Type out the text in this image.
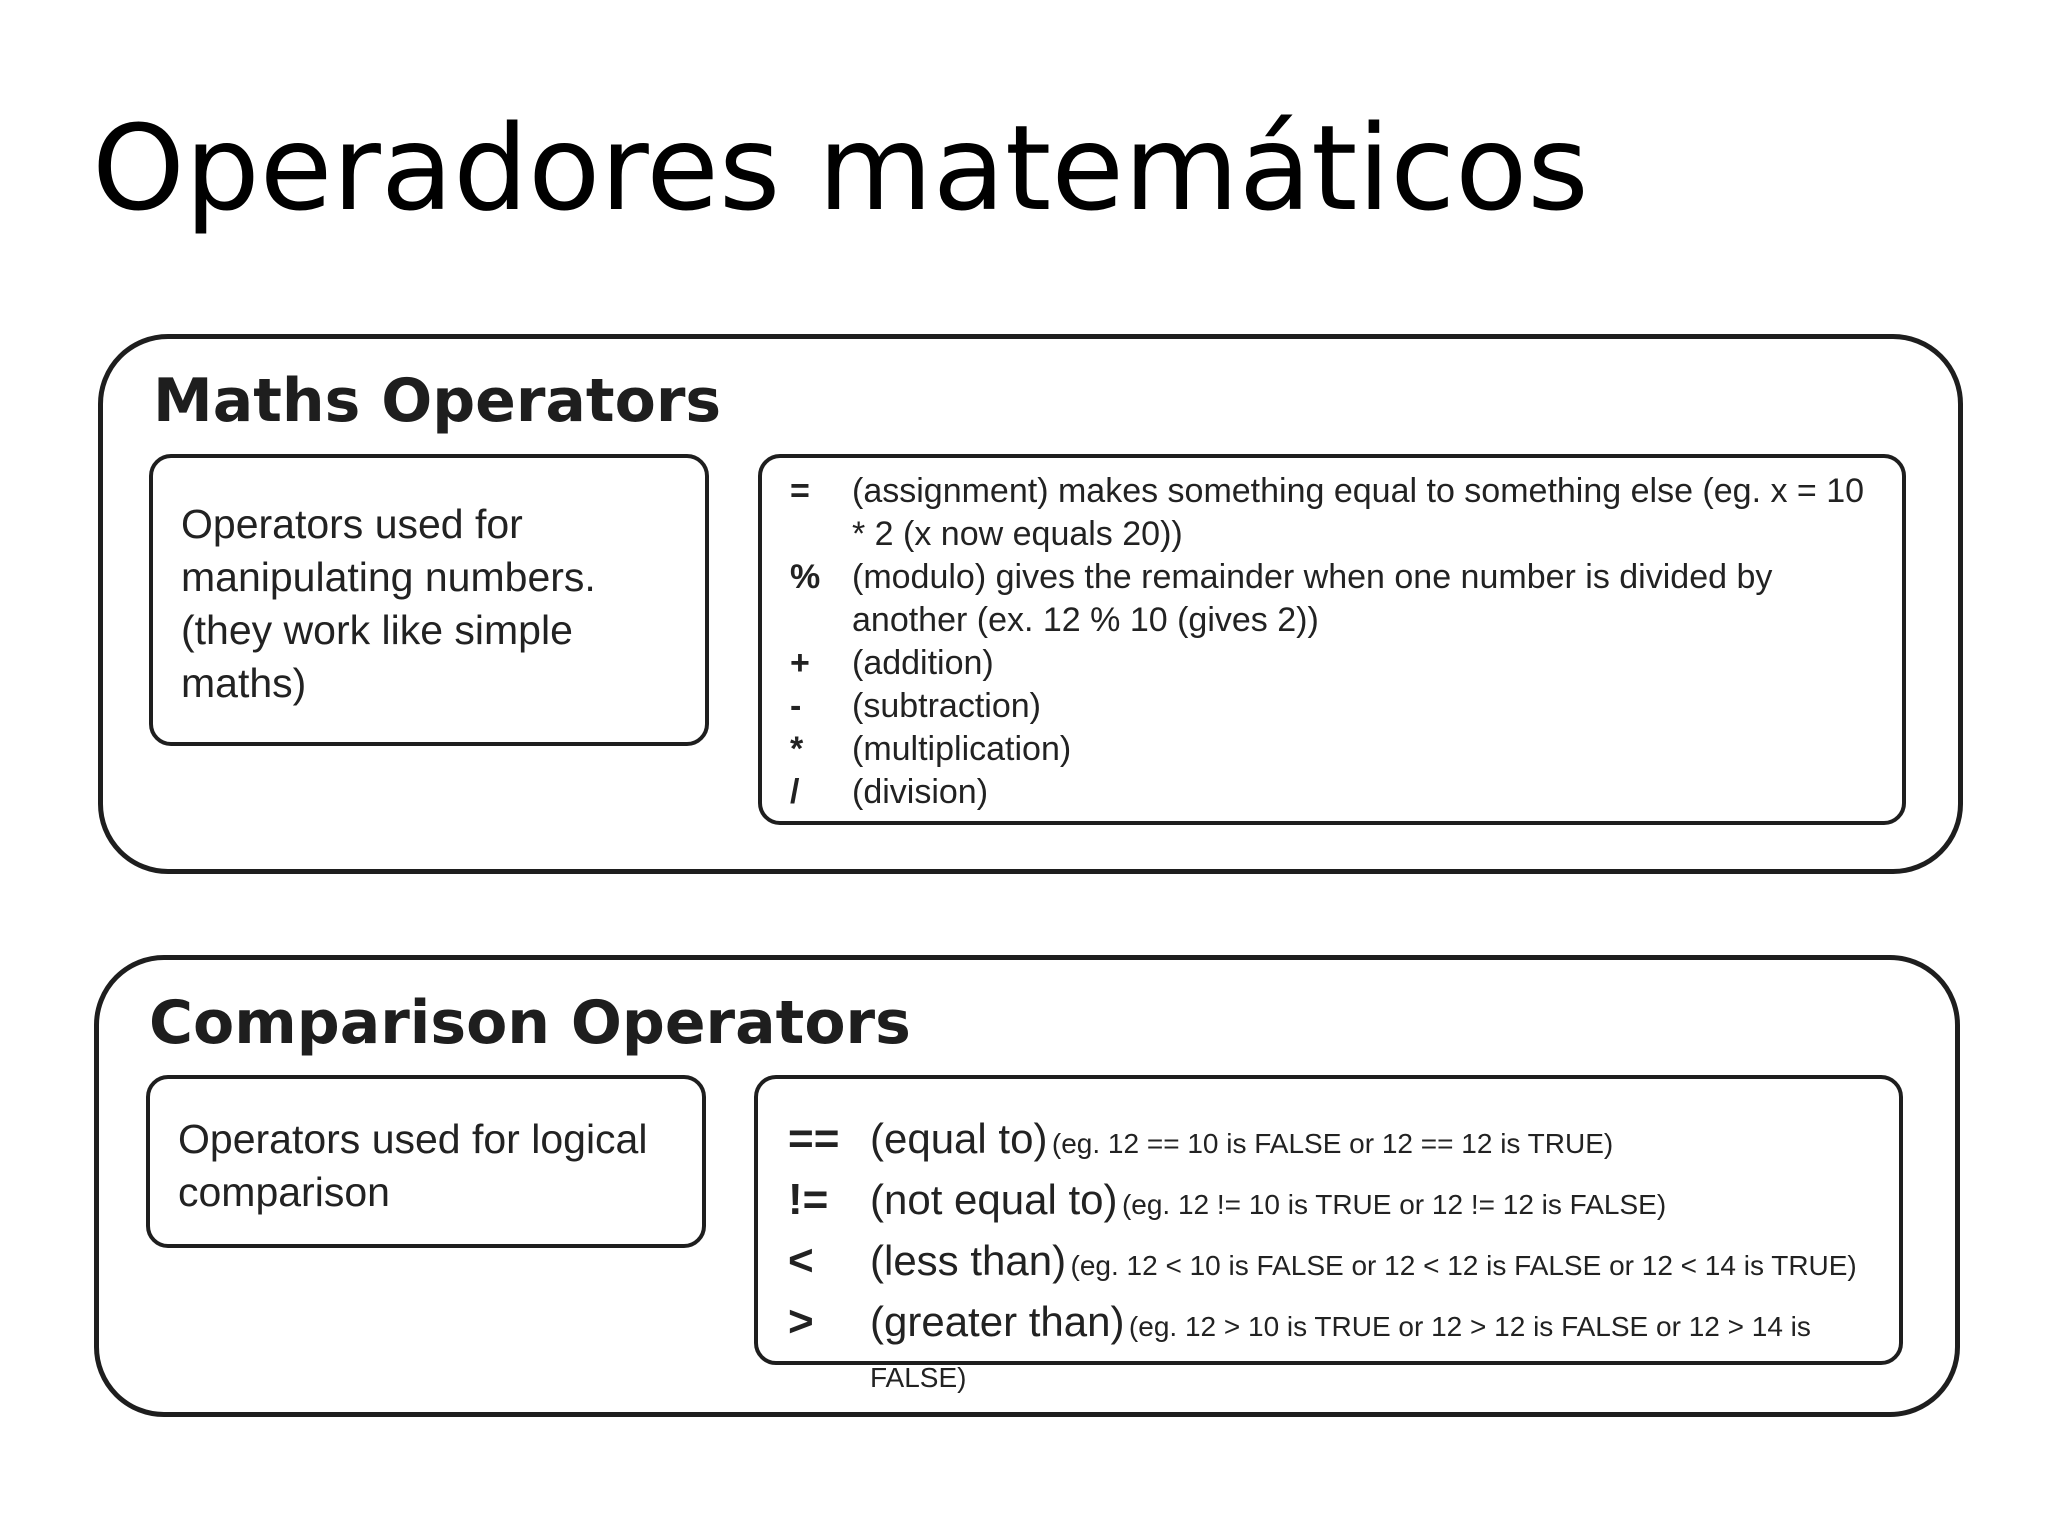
Operadores matemáticos
Maths Operators
Operators used for manipulating numbers. (they work like simple maths)
=	(assignment) makes something equal to something else (eg. x = 10 * 2 (x now equals 20))
% (modulo) gives the remainder when one number is divided by another (ex. 12 % 10 (gives 2))
+	(addition)
-	(subtraction)
*	(multiplication)
/	(division)
Comparison Operators
Operators used for logical comparison
== (equal to) (eg. 12 == 10 is FALSE or 12 == 12 is TRUE)
!= (not equal to) (eg. 12 != 10 is TRUE or 12 != 12 is FALSE)
<	(less than) (eg. 12 < 10 is FALSE or 12 < 12 is FALSE or 12 < 14 is TRUE)
>	(greater than) (eg. 12 > 10 is TRUE or 12 > 12 is FALSE or 12 > 14 is FALSE)
